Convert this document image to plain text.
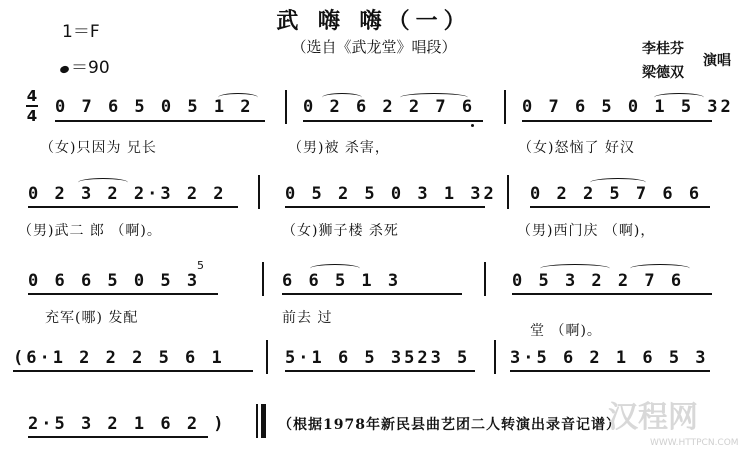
武 嗨 嗨（一）
（选自《武龙堂》唱段）
1＝F
＝90
李桂芬
梁德双
演唱
4
4 0 7 6 5 0 5 1 2	0 2 6 2 2 7 6	0 7 6 5 0 1 5 32
（女)只因为 兄长	（男)被 杀害，	（女)怒恼了 好汉
0 2 3 2 2·3 2 2	0 5 2 5 0 3 1 32 0 2 2 5 7 6 6
（男)武二 郎 （啊)。	（女)狮子楼 杀死	（男)西门庆 （啊)，
0 6 6 5 0 5 3
5
6 6 5 1 3	0 5 3 2 2 7 6
充军(哪) 发配	前去 过
堂 （啊)。
(6·1 2 2 2 5 6 1	5·1 6 5 3523 5 3·5 6 2 1 6 5 3
2·5 3 2 1 6 2 )	（根据1978年新民县曲艺团二人转演出录音记谱）
汉程网
WWW.HTTPCN.COM
